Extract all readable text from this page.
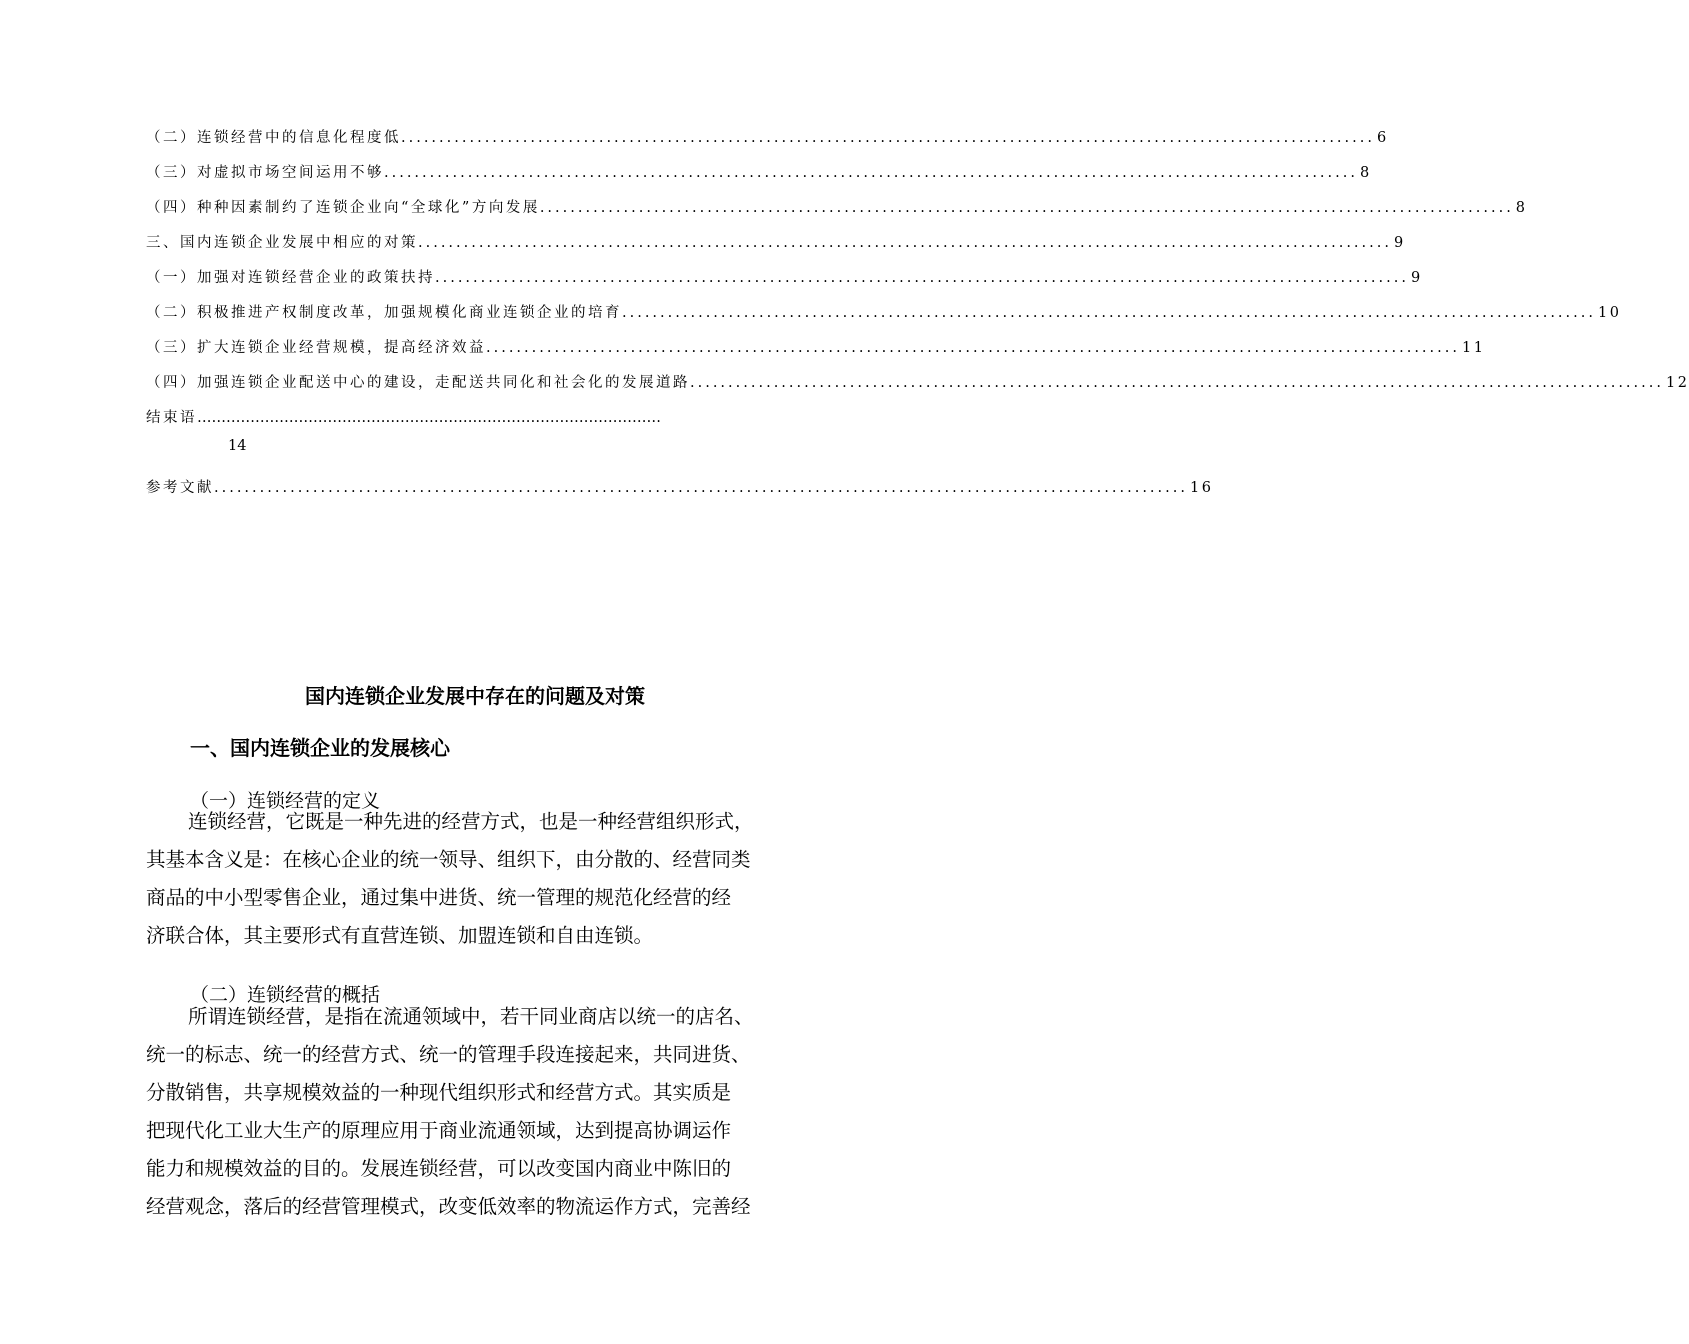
（二）连锁经营中的信息化程度低 ................................................................................................................................ 6
（三）对虚拟市场空间运用不够 ................................................................................................................................ 8
（四）种种因素制约了连锁企业向“全球化”方向发展 ................................................................................................................................ 8
三、国内连锁企业发展中相应的对策 ................................................................................................................................ 9
（一）加强对连锁经营企业的政策扶持 ................................................................................................................................ 9
（二）积极推进产权制度改革，加强规模化商业连锁企业的培育 ................................................................................................................................ 10
（三）扩大连锁企业经营规模，提高经济效益 ................................................................................................................................ 11
（四）加强连锁企业配送中心的建设，走配送共同化和社会化的发展道路 ................................................................................................................................ 12
结束语 ……………………………………………………………………………………
14
参考文献 ................................................................................................................................ 16
国内连锁企业发展中存在的问题及对策
一、国内连锁企业的发展核心
（一）连锁经营的定义
连锁经营，它既是一种先进的经营方式，也是一种经营组织形式，
其基本含义是：在核心企业的统一领导、组织下，由分散的、经营同类
商品的中小型零售企业，通过集中进货、统一管理的规范化经营的经
济联合体，其主要形式有直营连锁、加盟连锁和自由连锁。
（二）连锁经营的概括
所谓连锁经营，是指在流通领域中，若干同业商店以统一的店名、
统一的标志、统一的经营方式、统一的管理手段连接起来，共同进货、
分散销售，共享规模效益的一种现代组织形式和经营方式。其实质是
把现代化工业大生产的原理应用于商业流通领域，达到提高协调运作
能力和规模效益的目的。发展连锁经营，可以改变国内商业中陈旧的
经营观念，落后的经营管理模式，改变低效率的物流运作方式，完善经
